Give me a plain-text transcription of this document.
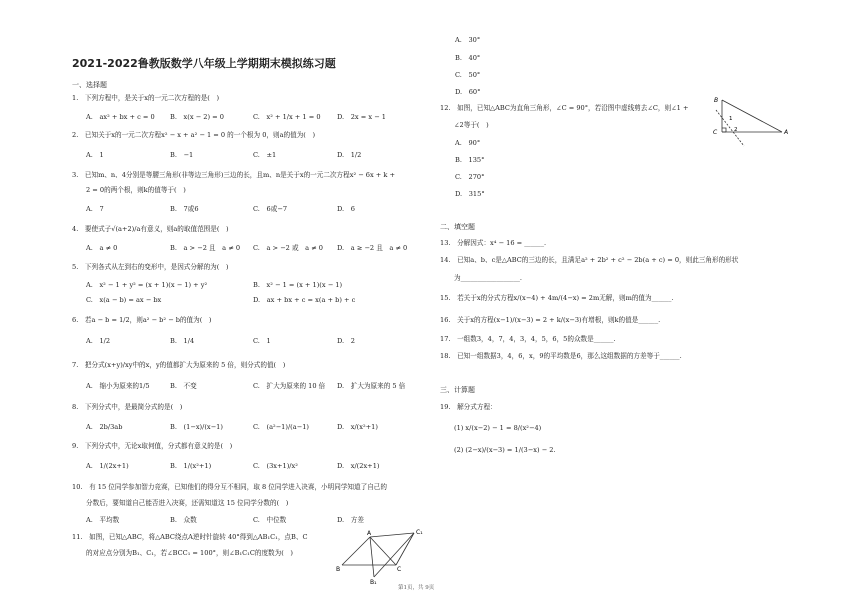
2021-2022鲁教版数学八年级上学期期末模拟练习题
一、选择题
1.　下列方程中，是关于x的一元二次方程的是(　)
A.　ax² + bx + c = 0 B.　x(x − 2) = 0	C.　x² + 1/x + 1 = 0 D.　2x = x − 1
2.　已知关于x的一元二次方程x² − x + a² − 1 = 0 的一个根为 0，则a的值为(　)
A.　1	B.　−1	C.　±1	D.　1/2
3.　已知m、n、4分别是等腰三角形(非等边三角形)三边的长，且m、n是关于x的一元二次方程x² − 6x + k +
2 = 0的两个根，则k的值等于(　)
A.　7	B.　7或6	C.　6或−7	D.　6
4.　要使式子√(a+2)/a有意义，则a的取值范围是(　)
A.　a ≠ 0	B.　a > −2 且　a ≠ 0 C.　a > −2 或　a ≠ 0 D.　a ≥ −2 且　a ≠ 0
5.　下列各式从左到右的变形中，是因式分解的为(　)
A.　x² − 1 + y² = (x + 1)(x − 1) + y²	B.　x² − 1 = (x + 1)(x − 1)
C.　x(a − b) = ax − bx	D.　ax + bx + c = x(a + b) + c
6.　若a − b = 1/2，则a² − b² − b的值为(　)
A.　1/2	B.　1/4	C.　1	D.　2
7.　把分式(x+y)/xy中的x，y的值都扩大为原来的 5 倍，则分式的值(　)
A.　缩小为原来的1/5	B.　不变	C.　扩大为原来的 10 倍 D.　扩大为原来的 5 倍
8.　下列分式中，是最简分式的是(　)
A.　2b/3ab	B.　(1−x)/(x−1)	C.　(a²−1)/(a−1)	D.　x/(x²+1)
9.　下列分式中，无论x取何值，分式都有意义的是(　)
A.　1/(2x+1)	B.　1/(x²+1)	C.　(3x+1)/x²	D.　x/(2x+1)
10.　有 15 位同学参加智力竞赛，已知他们的得分互不相同，取 8 位同学进入决赛，小明同学知道了自己的
分数后，要知道自己能否进入决赛，还需知道这 15 位同学分数的(　)
A.　平均数	B.　众数	C.　中位数	D.　方差
11.　如图，已知△ABC，将△ABC绕点A逆时针旋转 40°得到△AB₁C₁，点B、C
的对应点分别为B₁、C₁，若∠BCC₁ = 100°，则∠B₁C₁C的度数为(　)
A
B	C
B₁
C₁
A.　30°
B.　40°
C.　50°
D.　60°
12.　如图，已知△ABC为直角三角形，∠C = 90°，若沿图中虚线剪去∠C，则∠1 +
∠2等于(　)
A.　90°
B.　135°
C.　270°
D.　315°
B
C	A
1
2
二、填空题
13.　分解因式：x⁴ − 16 = ______.
14.　已知a、b、c是△ABC的三边的长，且满足a² + 2b² + c² − 2b(a + c) = 0，则此三角形的形状
为__________________.
15.　若关于x的分式方程x/(x−4) + 4m/(4−x) = 2m无解，则m的值为______.
16.　关于x的方程(x−1)/(x−3) = 2 + k/(x−3)有增根，则k的值是______.
17.　一组数3，4，7，4，3，4，5，6，5的众数是______.
18.　已知一组数据3，4，6，x，9的平均数是6，那么这组数据的方差等于______.
三、计算题
19.　解分式方程：
(1) x/(x−2) − 1 = 8/(x²−4)
(2) (2−x)/(x−3) = 1/(3−x) − 2.
第1页，共 9页
